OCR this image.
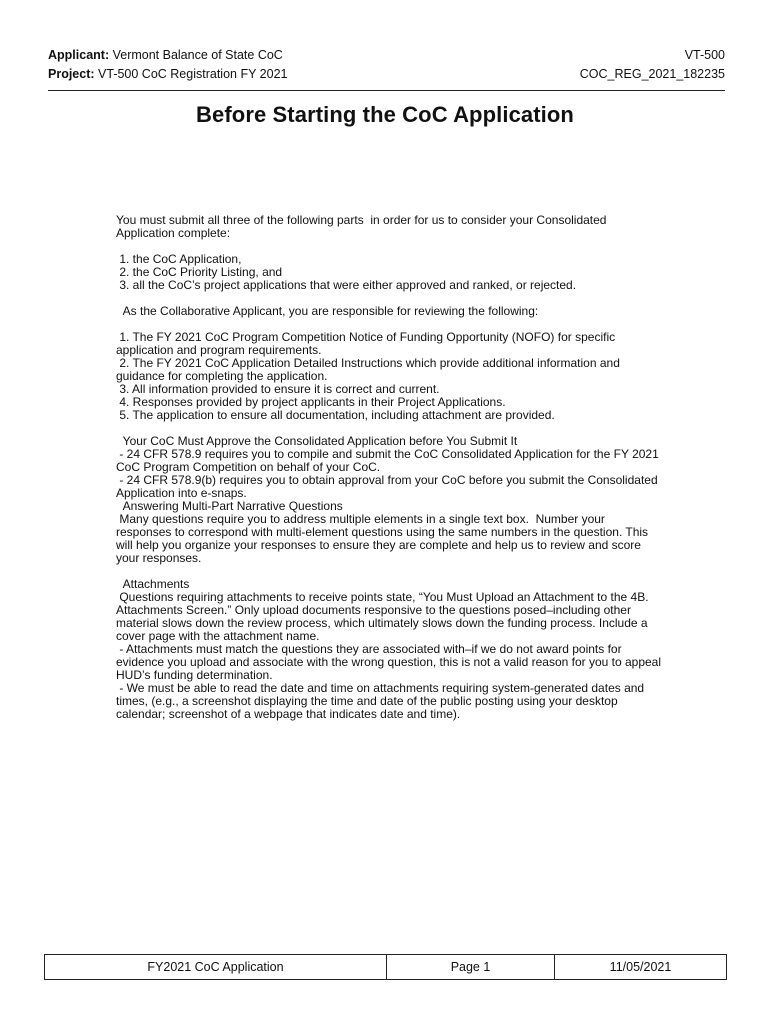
Applicant: Vermont Balance of State CoC	VT-500
Project: VT-500 CoC Registration FY 2021	COC_REG_2021_182235
Before Starting the CoC Application

You must submit all three of the following parts  in order for us to consider your Consolidated Application complete:

1. the CoC Application,

2. the CoC Priority Listing, and

3. all the CoC’s project applications that were either approved and ranked, or rejected.

As the Collaborative Applicant, you are responsible for reviewing the following:

1. The FY 2021 CoC Program Competition Notice of Funding Opportunity (NOFO) for specific application and program requirements.

2. The FY 2021 CoC Application Detailed Instructions which provide additional information and guidance for completing the application.

3. All information provided to ensure it is correct and current.

4. Responses provided by project applicants in their Project Applications.

5. The application to ensure all documentation, including attachment are provided.

Your CoC Must Approve the Consolidated Application before You Submit It

- 24 CFR 578.9 requires you to compile and submit the CoC Consolidated Application for the FY 2021 CoC Program Competition on behalf of your CoC.

- 24 CFR 578.9(b) requires you to obtain approval from your CoC before you submit the Consolidated Application into e-snaps.

Answering Multi-Part Narrative Questions

Many questions require you to address multiple elements in a single text box.  Number your responses to correspond with multi-element questions using the same numbers in the question. This will help you organize your responses to ensure they are complete and help us to review and score your responses.

Attachments

Questions requiring attachments to receive points state, “You Must Upload an Attachment to the 4B. Attachments Screen.” Only upload documents responsive to the questions posed–including other material slows down the review process, which ultimately slows down the funding process. Include a cover page with the attachment name.

- Attachments must match the questions they are associated with–if we do not award points for evidence you upload and associate with the wrong question, this is not a valid reason for you to appeal HUD’s funding determination.

- We must be able to read the date and time on attachments requiring system-generated dates and times, (e.g., a screenshot displaying the time and date of the public posting using your desktop calendar; screenshot of a webpage that indicates date and time).

FY2021 CoC Application	Page 1	11/05/2021
